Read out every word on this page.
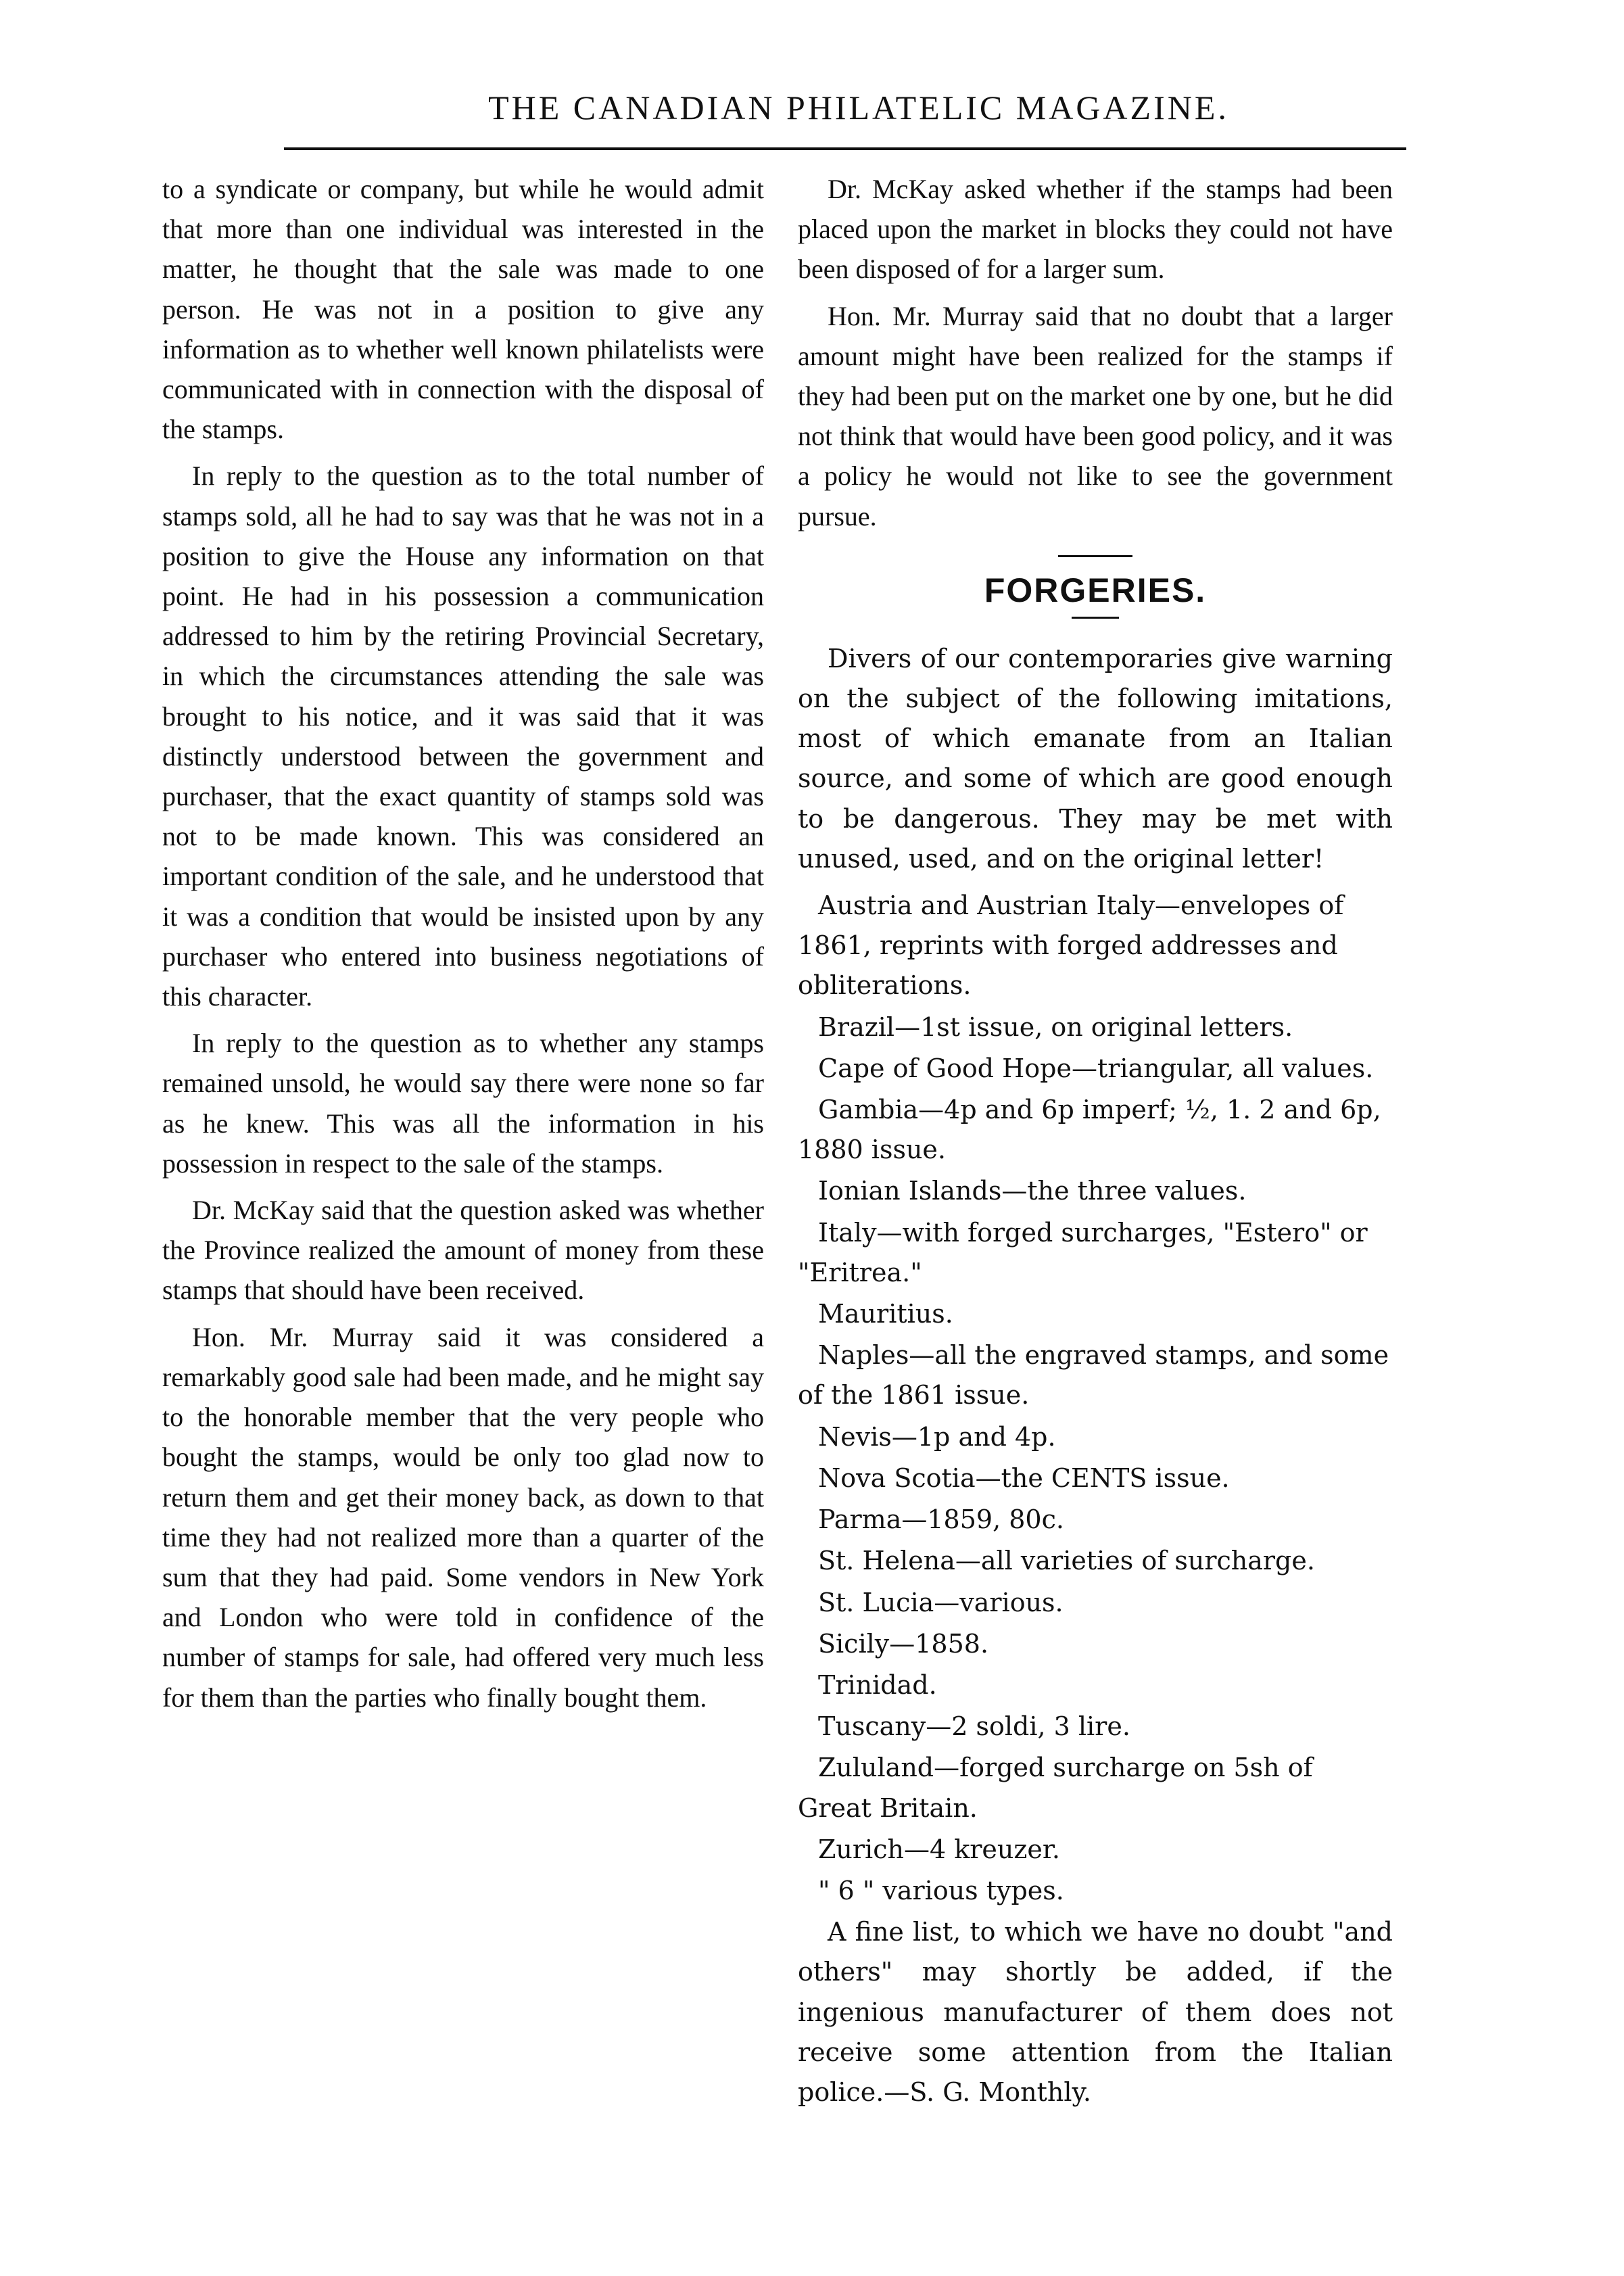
THE CANADIAN PHILATELIC MAGAZINE.

to a syndicate or company, but while he would admit that more than one individual was interested in the matter, he thought that the sale was made to one person. He was not in a position to give any information as to whether well known philatelists were communicated with in connection with the disposal of the stamps.

In reply to the question as to the total number of stamps sold, all he had to say was that he was not in a position to give the House any information on that point. He had in his possession a communication addressed to him by the retiring Provincial Secretary, in which the circumstances attending the sale was brought to his notice, and it was said that it was distinctly understood between the government and purchaser, that the exact quantity of stamps sold was not to be made known. This was considered an important condition of the sale, and he understood that it was a condition that would be insisted upon by any purchaser who entered into business negotiations of this character.

In reply to the question as to whether any stamps remained unsold, he would say there were none so far as he knew. This was all the information in his possession in respect to the sale of the stamps.

Dr. McKay said that the question asked was whether the Province realized the amount of money from these stamps that should have been received.

Hon. Mr. Murray said it was considered a remarkably good sale had been made, and he might say to the honorable member that the very people who bought the stamps, would be only too glad now to return them and get their money back, as down to that time they had not realized more than a quarter of the sum that they had paid. Some vendors in New York and London who were told in confidence of the number of stamps for sale, had offered very much less for them than the parties who finally bought them.

Dr. McKay asked whether if the stamps had been placed upon the market in blocks they could not have been disposed of for a larger sum.

Hon. Mr. Murray said that no doubt that a larger amount might have been realized for the stamps if they had been put on the market one by one, but he did not think that would have been good policy, and it was a policy he would not like to see the government pursue.

FORGERIES.

Divers of our contemporaries give warning on the subject of the following imitations, most of which emanate from an Italian source, and some of which are good enough to be dangerous. They may be met with unused, used, and on the original letter!

Austria and Austrian Italy—envelopes of 1861, reprints with forged addresses and obliterations.

Brazil—1st issue, on original letters.

Cape of Good Hope—triangular, all values.

Gambia—4p and 6p imperf; ½, 1. 2 and 6p, 1880 issue.

Ionian Islands—the three values.

Italy—with forged surcharges, "Estero" or "Eritrea."

Mauritius.

Naples—all the engraved stamps, and some of the 1861 issue.

Nevis—1p and 4p.

Nova Scotia—the CENTS issue.

Parma—1859, 80c.

St. Helena—all varieties of surcharge.

St. Lucia—various.

Sicily—1858.

Trinidad.

Tuscany—2 soldi, 3 lire.

Zululand—forged surcharge on 5sh of Great Britain.

Zurich—4 kreuzer.

" 6 " various types.

A fine list, to which we have no doubt "and others" may shortly be added, if the ingenious manufacturer of them does not receive some attention from the Italian police.—S. G. Monthly.
